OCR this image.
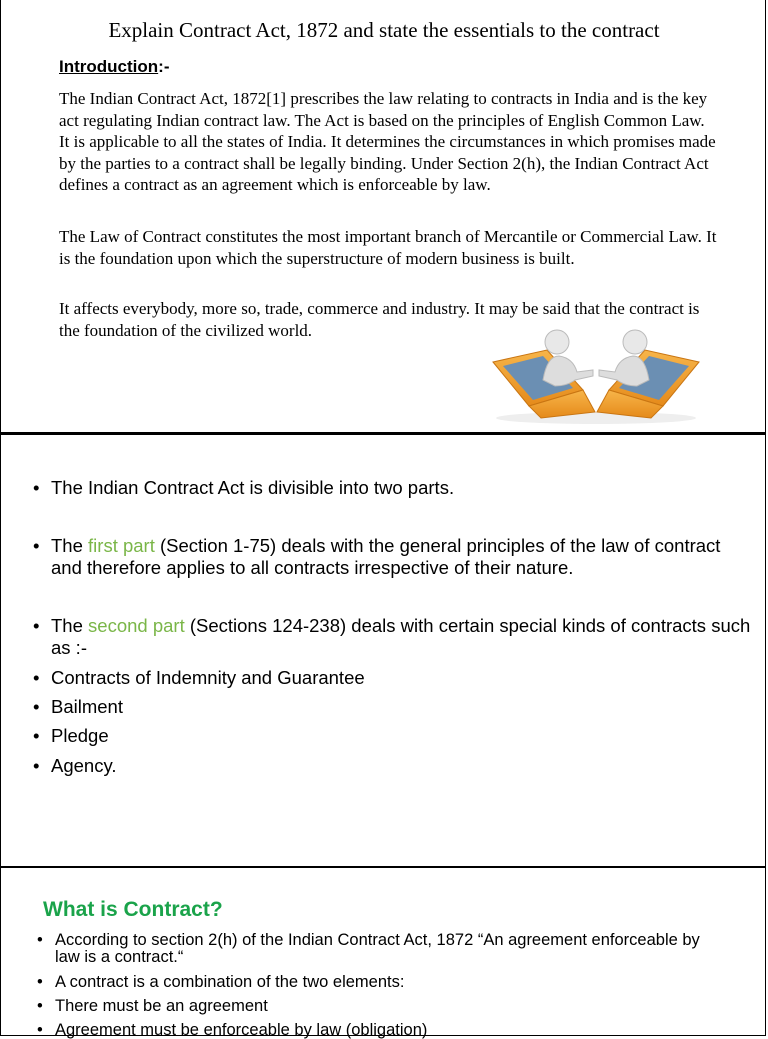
Explain Contract Act, 1872 and state the essentials to the contract
Introduction:-

The Indian Contract Act, 1872[1] prescribes the law relating to contracts in India and is the key act regulating Indian contract law. The Act is based on the principles of English Common Law. It is applicable to all the states of India. It determines the circumstances in which promises made by the parties to a contract shall be legally binding. Under Section 2(h), the Indian Contract Act defines a contract as an agreement which is enforceable by law.

The Law of Contract constitutes the most important branch of Mercantile or Commercial Law. It is the foundation upon which the superstructure of modern business is built.

It affects everybody, more so, trade, commerce and industry. It may be said that the contract is the foundation of the civilized world.

• The Indian Contract Act is divisible into two parts.
• The first part (Section 1-75) deals with the general principles of the law of contract and therefore applies to all contracts irrespective of their nature.
• The second part (Sections 124-238) deals with certain special kinds of contracts such as :-
• Contracts of Indemnity and Guarantee
• Bailment
• Pledge
• Agency.
What is Contract?
• According to section 2(h) of the Indian Contract Act, 1872 “An agreement enforceable by law is a contract.“
• A contract is a combination of the two elements:
• There must be an agreement
• Agreement must be enforceable by law (obligation)
